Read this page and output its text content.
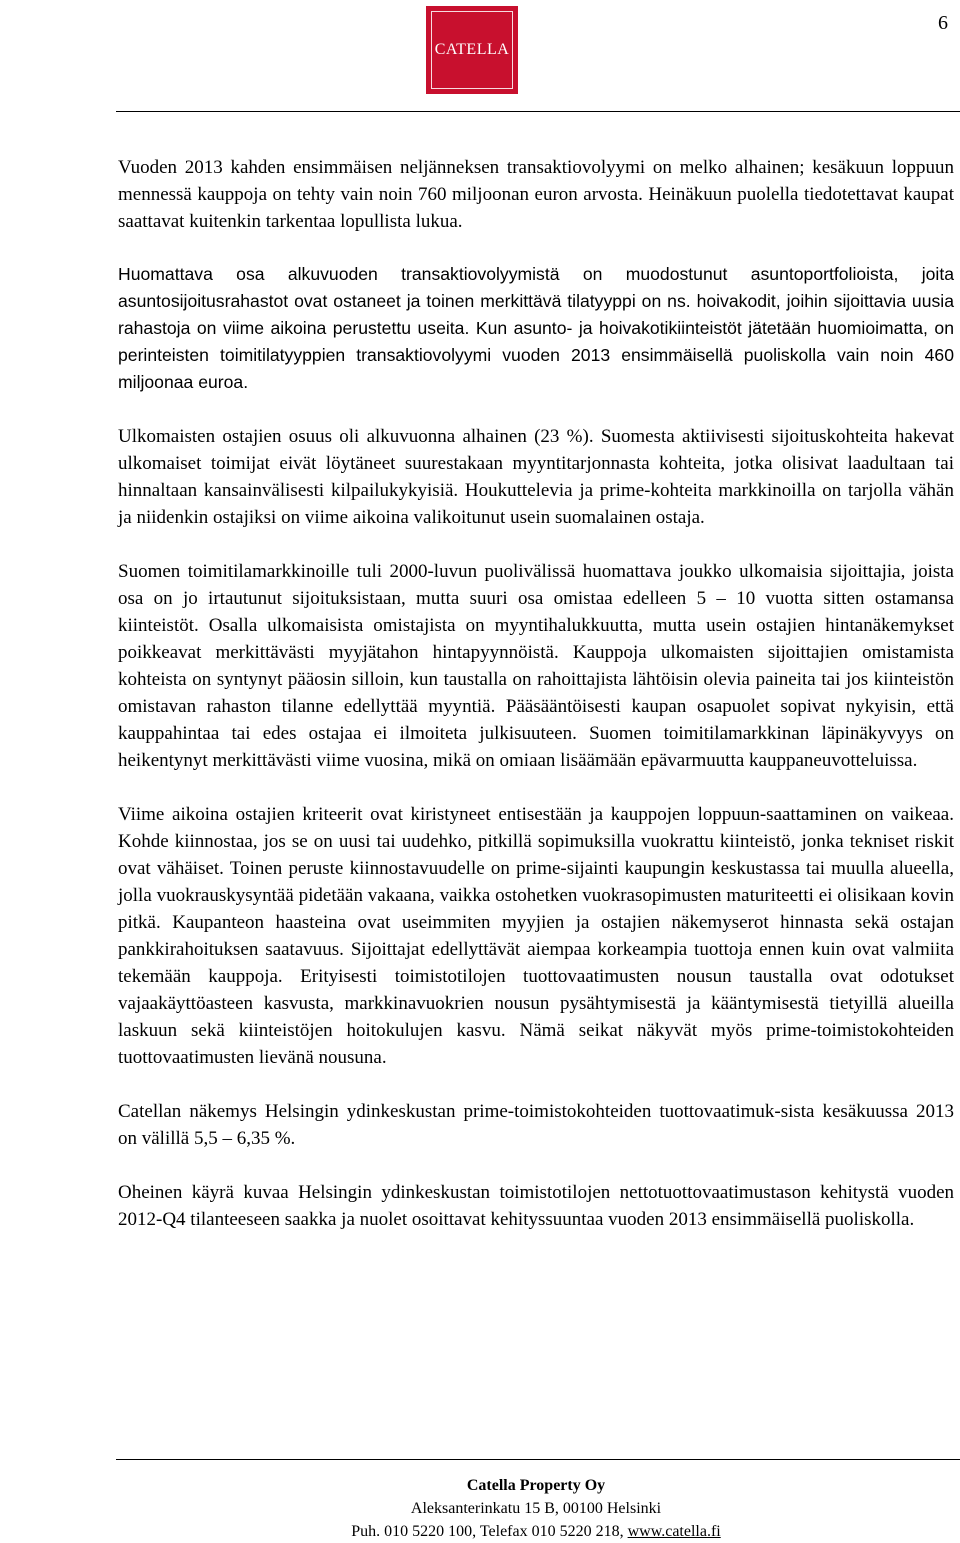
CATELLA
6

Vuoden 2013 kahden ensimmäisen neljänneksen transaktiovolyymi on melko alhainen; kesäkuun loppuun mennessä kauppoja on tehty vain noin 760 miljoonan euron arvosta. Heinäkuun puolella tiedotettavat kaupat saattavat kuitenkin tarkentaa lopullista lukua.

Huomattava osa alkuvuoden transaktiovolyymistä on muodostunut asuntoportfolioista, joita asuntosijoitusrahastot ovat ostaneet ja toinen merkittävä tilatyyppi on ns. hoivakodit, joihin sijoittavia uusia rahastoja on viime aikoina perustettu useita. Kun asunto- ja hoivakotikiinteistöt jätetään huomioimatta, on perinteisten toimitilatyyppien transaktiovolyymi vuoden 2013 ensimmäisellä puoliskolla vain noin 460 miljoonaa euroa.

Ulkomaisten ostajien osuus oli alkuvuonna alhainen (23 %). Suomesta aktiivisesti sijoituskohteita hakevat ulkomaiset toimijat eivät löytäneet suurestakaan myyntitarjonnasta kohteita, jotka olisivat laadultaan tai hinnaltaan kansainvälisesti kilpailukykyisiä. Houkuttelevia ja prime-kohteita markkinoilla on tarjolla vähän ja niidenkin ostajiksi on viime aikoina valikoitunut usein suomalainen ostaja.

Suomen toimitilamarkkinoille tuli 2000-luvun puolivälissä huomattava joukko ulkomaisia sijoittajia, joista osa on jo irtautunut sijoituksistaan, mutta suuri osa omistaa edelleen 5 – 10 vuotta sitten ostamansa kiinteistöt. Osalla ulkomaisista omistajista on myyntihalukkuutta, mutta usein ostajien hintanäkemykset poikkeavat merkittävästi myyjätahon hintapyynnöistä. Kauppoja ulkomaisten sijoittajien omistamista kohteista on syntynyt pääosin silloin, kun taustalla on rahoittajista lähtöisin olevia paineita tai jos kiinteistön omistavan rahaston tilanne edellyttää myyntiä. Pääsääntöisesti kaupan osapuolet sopivat nykyisin, että kauppahintaa tai edes ostajaa ei ilmoiteta julkisuuteen. Suomen toimitilamarkkinan läpinäkyvyys on heikentynyt merkittävästi viime vuosina, mikä on omiaan lisäämään epävarmuutta kauppaneuvotteluissa.

Viime aikoina ostajien kriteerit ovat kiristyneet entisestään ja kauppojen loppuun-saattaminen on vaikeaa. Kohde kiinnostaa, jos se on uusi tai uudehko, pitkillä sopimuksilla vuokrattu kiinteistö, jonka tekniset riskit ovat vähäiset. Toinen peruste kiinnostavuudelle on prime-sijainti kaupungin keskustassa tai muulla alueella, jolla vuokrauskysyntää pidetään vakaana, vaikka ostohetken vuokrasopimusten maturiteetti ei olisikaan kovin pitkä. Kaupanteon haasteina ovat useimmiten myyjien ja ostajien näkemyserot hinnasta sekä ostajan pankkirahoituksen saatavuus. Sijoittajat edellyttävät aiempaa korkeampia tuottoja ennen kuin ovat valmiita tekemään kauppoja. Erityisesti toimistotilojen tuottovaatimusten nousun taustalla ovat odotukset vajaakäyttöasteen kasvusta, markkinavuokrien nousun pysähtymisestä ja kääntymisestä tietyillä alueilla laskuun sekä kiinteistöjen hoitokulujen kasvu. Nämä seikat näkyvät myös prime-toimistokohteiden tuottovaatimusten lievänä nousuna.

Catellan näkemys Helsingin ydinkeskustan prime-toimistokohteiden tuottovaatimuk-sista kesäkuussa 2013 on välillä 5,5 – 6,35 %.

Oheinen käyrä kuvaa Helsingin ydinkeskustan toimistotilojen nettotuottovaatimustason kehitystä vuoden 2012-Q4 tilanteeseen saakka ja nuolet osoittavat kehityssuuntaa vuoden 2013 ensimmäisellä puoliskolla.

Catella Property Oy
Aleksanterinkatu 15 B, 00100 Helsinki
Puh. 010 5220 100, Telefax 010 5220 218, www.catella.fi
